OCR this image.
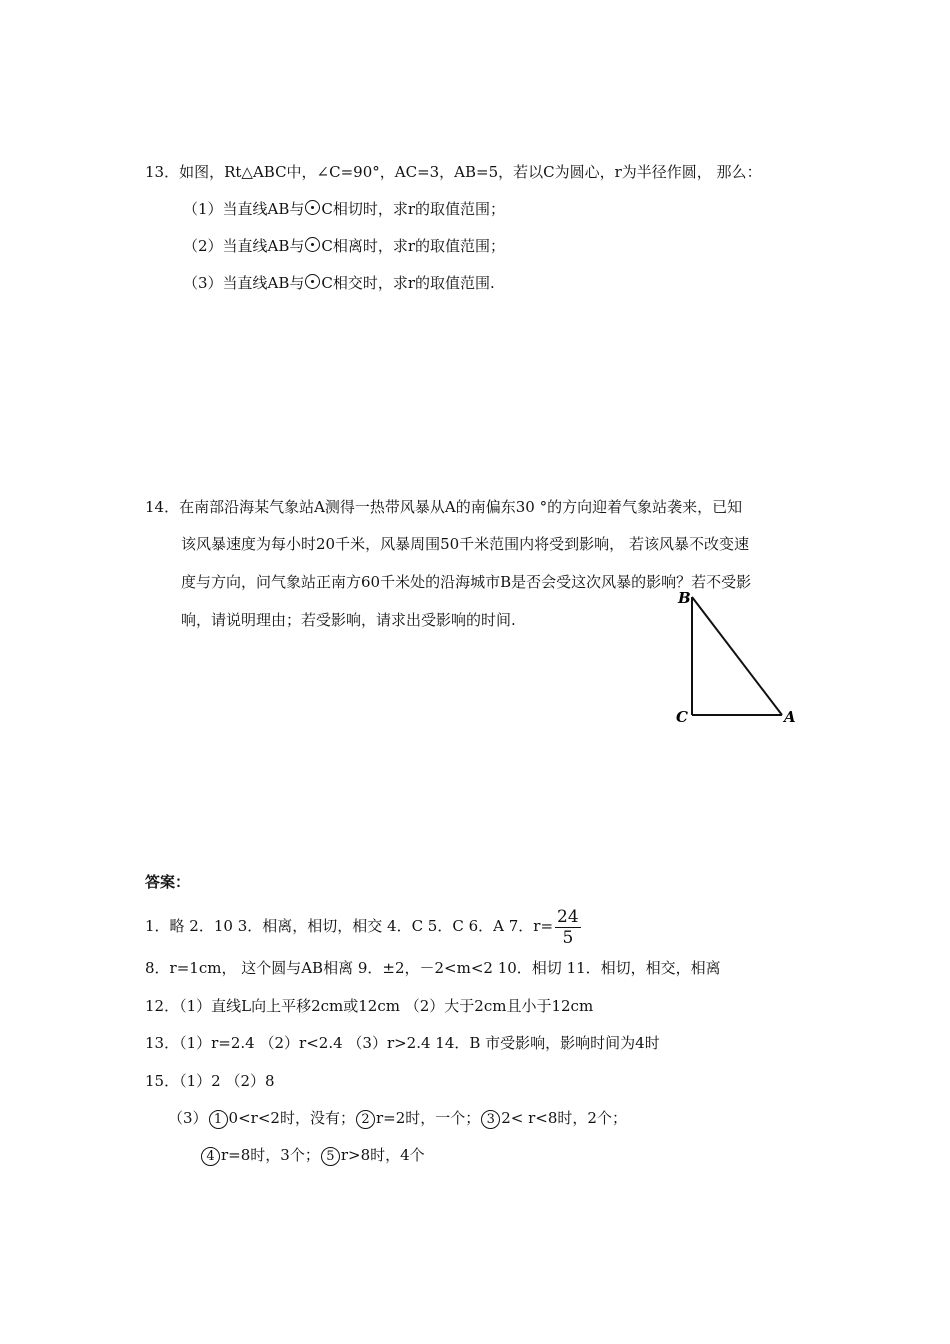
13．如图，Rt△ABC中，∠C=90°，AC=3，AB=5，若以C为圆心，r为半径作圆， 那么：
（1）当直线AB与 C相切时，求r的取值范围；
（2）当直线AB与 C相离时，求r的取值范围；
（3）当直线AB与 C相交时，求r的取值范围.
14．在南部沿海某气象站A测得一热带风暴从A的南偏东30 °的方向迎着气象站袭来，已知
该风暴速度为每小时20千米，风暴周围50千米范围内将受到影响， 若该风暴不改变速
度与方向，问气象站正南方60千米处的沿海城市B是否会受这次风暴的影响？若不受影
响，请说明理由；若受影响，请求出受影响的时间.
B
C	A
答案：
1．略 2．10 3．相离，相切，相交 4．C 5．C 6．A 7．$r= \frac{24}{5}$
8．r=1cm， 这个圆与AB相离 9．±2，－2<m<2 10．相切 11．相切，相交，相离
12．（1）直线L向上平移2cm或12cm （2）大于2cm且小于12cm
13．（1）r=2.4 （2）r<2.4 （3）r>2.4 14．B 市受影响，影响时间为4时
15．（1）2 （2）8
（3） 1 0<r<2时，没有； 2 r=2时，一个； 3 2< r<8时，2个；
4 r=8时，3个； 5 r>8时，4个
